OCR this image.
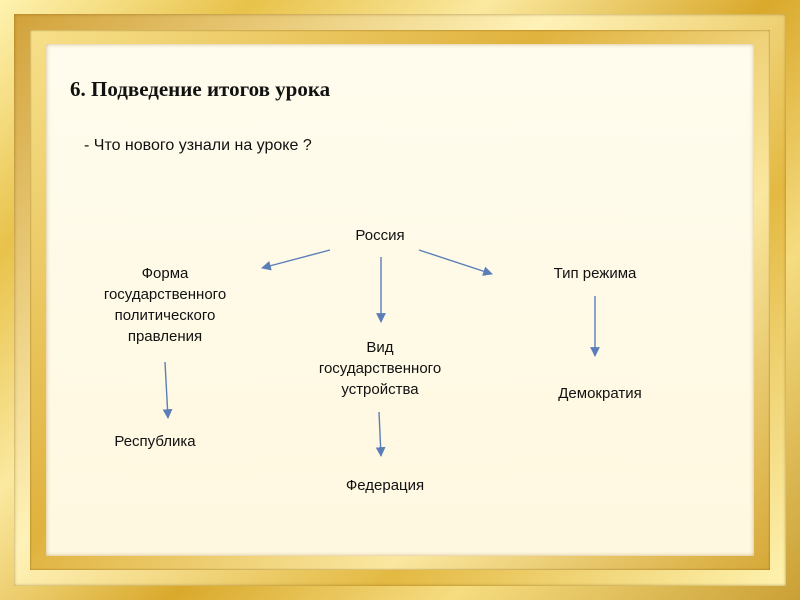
6. Подведение итогов урока

- Что нового узнали на уроке ?

Россия
Форма
государственного
политического
правления
Вид
государственного
устройства
Тип режима
Республика
Федерация
Демократия
